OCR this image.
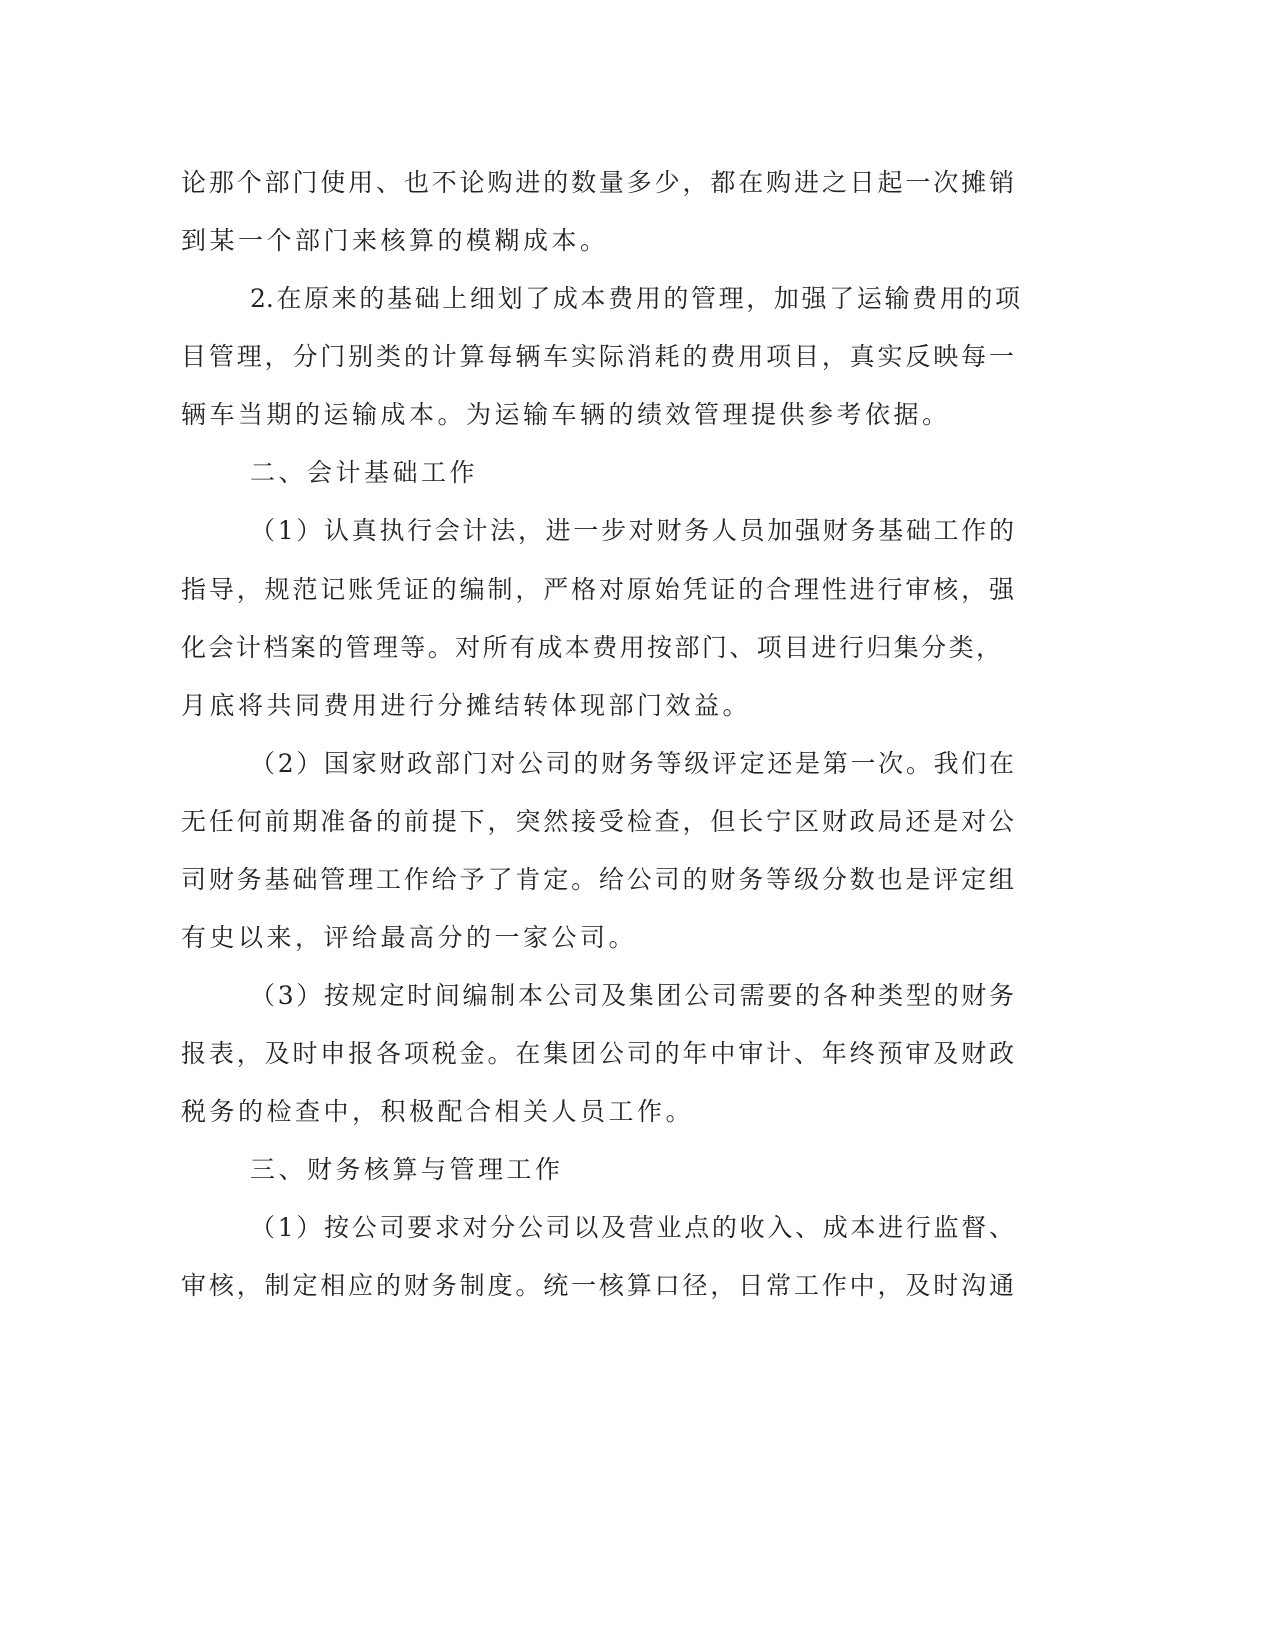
论那个部门使用、也不论购进的数量多少，都在购进之日起一次摊销
到某一个部门来核算的模糊成本。
2.在原来的基础上细划了成本费用的管理，加强了运输费用的项
目管理，分门别类的计算每辆车实际消耗的费用项目，真实反映每一
辆车当期的运输成本。为运输车辆的绩效管理提供参考依据。
二、会计基础工作
（1）认真执行会计法，进一步对财务人员加强财务基础工作的
指导，规范记账凭证的编制，严格对原始凭证的合理性进行审核，强
化会计档案的管理等。对所有成本费用按部门、项目进行归集分类，
月底将共同费用进行分摊结转体现部门效益。
（2）国家财政部门对公司的财务等级评定还是第一次。我们在
无任何前期准备的前提下，突然接受检查，但长宁区财政局还是对公
司财务基础管理工作给予了肯定。给公司的财务等级分数也是评定组
有史以来，评给最高分的一家公司。
（3）按规定时间编制本公司及集团公司需要的各种类型的财务
报表，及时申报各项税金。在集团公司的年中审计、年终预审及财政
税务的检查中，积极配合相关人员工作。
三、财务核算与管理工作
（1）按公司要求对分公司以及营业点的收入、成本进行监督、
审核，制定相应的财务制度。统一核算口径，日常工作中，及时沟通
